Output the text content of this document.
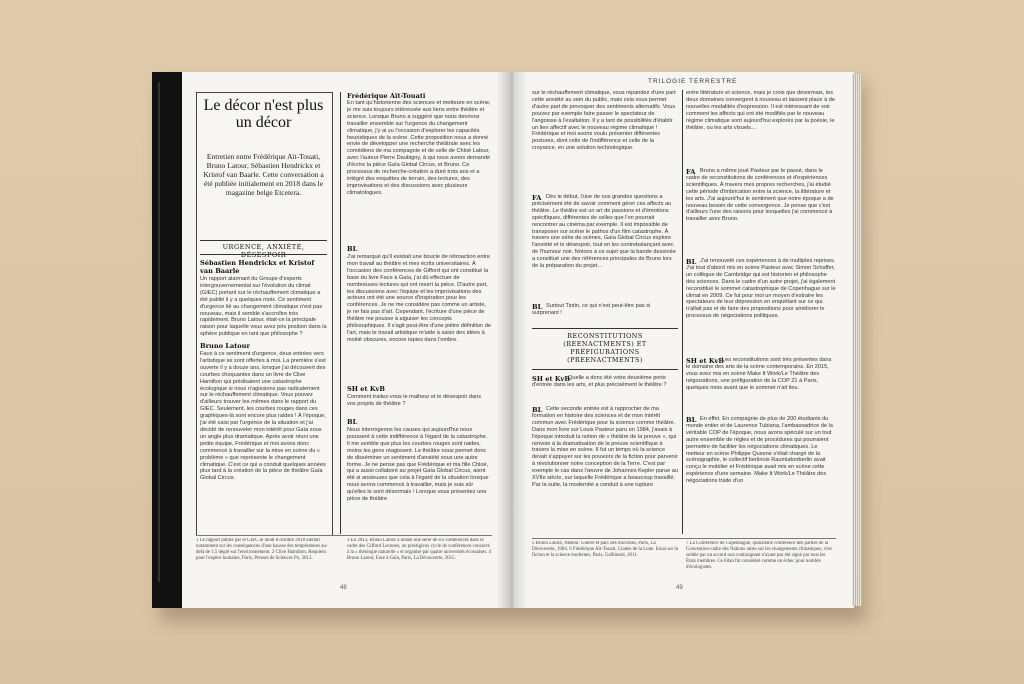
Le décor n'est plus un décor
Entretien entre Frédérique Aït-Touati, Bruno Latour, Sébastien Hendrickx et Kristof van Baarle. Cette conversation a été publiée initialement en 2018 dans le magazine belge Etcetera.
URGENCE, ANXIÉTÉ, DÉSESPOIR
Sébastien Hendrickx et Kristof van Baarle
Un rapport alarmant du Groupe d'experts intergouvernemental sur l'évolution du climat (GIEC) portant sur le réchauffement climatique a été publié il y a quelques mois. Ce sentiment d'urgence lié au changement climatique n'est pas nouveau, mais il semble s'accroître très rapidement. Bruno Latour, était-ce la principale raison pour laquelle vous avez pris position dans la sphère publique en tant que philosophe ?
Bruno Latour
Face à ce sentiment d'urgence, deux entrées vers l'artistique se sont offertes à moi. La première s'est ouverte il y a douze ans, lorsque j'ai découvert des courbes choquantes dans un livre de Clive Hamilton qui prédisaient une catastrophe écologique si nous n'agissions pas radicalement sur le réchauffement climatique. Vous pouvez d'ailleurs trouver les mêmes dans le rapport du GIEC. Seulement, les courbes rouges dans ces graphiques-là sont encore plus raides ! À l'époque, j'ai été saisi par l'urgence de la situation et j'ai décidé de renouveler mon intérêt pour Gaïa sous un angle plus dramatique. Après avoir réuni une petite équipe, Frédérique et moi avons donc commencé à travailler sur la mise en scène du « problème » que représente le changement climatique. C'est ce qui a conduit quelques années plus tard à la création de la pièce de théâtre Gaïa Global Circus.
Frédérique Aït-Touati
En tant qu'historienne des sciences et metteure en scène, je me suis toujours intéressée aux liens entre théâtre et science. Lorsque Bruno a suggéré que nous devrions travailler ensemble sur l'urgence du changement climatique, j'y ai vu l'occasion d'explorer les capacités heuristiques de la scène. Cette proposition nous a donné envie de développer une recherche théâtrale avec les comédiens de ma compagnie et de celle de Chloé Latour, avec l'auteur Pierre Daubigny, à qui nous avons demandé d'écrire la pièce Gaïa Global Circus, et Bruno. Ce processus de recherche-création a duré trois ans et a intégré des enquêtes de terrain, des lectures, des improvisations et des discussions avec plusieurs climatologues.
BL
J'ai remarqué qu'il existait une boucle de rétroaction entre mon travail au théâtre et mes écrits universitaires. À l'occasion des conférences de Gifford qui ont constitué la base du livre Face à Gaïa, j'ai dû effectuer de nombreuses lectures qui ont nourri la pièce. D'autre part, les discussions avec l'équipe et les improvisations des acteurs ont été une source d'inspiration pour les conférences. Je ne me considère pas comme un artiste, je ne fais pas d'art. Cependant, l'écriture d'une pièce de théâtre me pousse à aiguiser les concepts philosophiques. Il s'agit peut-être d'une piètre définition de l'art, mais le travail artistique m'aide à saisir des idées à moitié obscures, encore tapies dans l'ombre.
SH et KvB
Comment traitez-vous le malheur et le désespoir dans vos projets de théâtre ?
BL
Nous interrogeons les causes qui aujourd'hui nous poussent à cette indifférence à l'égard de la catastrophe. Il me semble que plus les courbes rouges sont raides, moins les gens réagissent. Le théâtre nous permet donc de disséminer un sentiment d'anxiété sous une autre forme. Je ne pense pas que Frédérique et ma fille Chloé, qui a aussi collaboré au projet Gaïa Global Circus, aient été si anxieuses que cela à l'égard de la situation lorsque nous avons commencé à travailler, mais je suis sûr qu'elles le sont désormais ! Lorsque vous présentez une pièce de théâtre
1 Le rapport publié par le GIEC le lundi 8 octobre 2018 alertait notamment sur les conséquences d'une hausse des températures au-delà de 1,5 degré sur l'environnement. 2 Clive Hamilton, Requiem pour l'espèce humaine, Paris, Presses de Sciences Po, 2013.
3 En 2013, Bruno Latour a donné une série de six conférences dans le cadre des Gifford Lectures, un prestigieux cycle de conférences consacré à la « théologie naturelle » et organisé par quatre universités écossaises. 4 Bruno Latour, Face à Gaïa, Paris, La Découverte, 2015.
48
TRILOGIE TERRESTRE
sur le réchauffement climatique, vous répandez d'une part cette anxiété au sein du public, mais cela vous permet d'autre part de provoquer des sentiments alternatifs. Vous pouvez par exemple faire passer le spectateur de l'angoisse à l'exaltation. Il y a tant de possibilités d'établir un lien affectif avec le nouveau régime climatique ! Frédérique et moi avons voulu présenter différentes postures, dont celle de l'indifférence et celle de la croyance, en une solution technologique.
FA Dès le début, l'une de nos grandes questions a précisément été de savoir comment gérer ces affects au théâtre. Le théâtre est un art de passions et d'émotions spécifiques, différentes de celles que l'on pourrait rencontrer au cinéma par exemple. Il est impossible de transposer sur scène le pathos d'un film catastrophe. À travers une série de scènes, Gaïa Global Circus explore l'anxiété et le désespoir, tout en les contrebalançant avec de l'humour noir. Notons à ce sujet que la bande dessinée a constitué une des références principales de Bruno lors de la préparation du projet…
BL Surtout Tintin, ce qui n'est peut-être pas si surprenant !
RECONSTITUTIONS (REENACTMENTS) ET PRÉFIGURATIONS (PREENACTMENTS)
SH et KvB
Quelle a donc été votre deuxième porte d'entrée dans les arts, et plus précisément le théâtre ?
BL Cette seconde entrée est à rapprocher de ma formation en histoire des sciences et de mon intérêt commun avec Frédérique pour la science comme théâtre. Dans mon livre sur Louis Pasteur paru en 1984, j'avais à l'époque introduit la notion de « théâtre de la preuve », qui renvoie à la dramatisation de la preuve scientifique à travers la mise en scène. Il fut un temps où la science devait s'appuyer sur les pouvoirs de la fiction pour parvenir à révolutionner notre conception de la Terre. C'est par exemple le cas dans l'œuvre de Johannes Kepler parue au XVIIe siècle, sur laquelle Frédérique a beaucoup travaillé. Par la suite, la modernité a conduit à une rupture
entre littérature et science, mais je crois que désormais, les deux domaines convergent à nouveau et laissent place à de nouvelles modalités d'expression. Il est intéressant de voir comment les affects qui ont été modifiés par le nouveau régime climatique sont aujourd'hui explorés par la poésie, le théâtre, ou les arts visuels…
FA Bruno a même joué Pasteur par le passé, dans le cadre de reconstitutions de conférences et d'expériences scientifiques. À travers mes propres recherches, j'ai étudié cette période d'imbrication entre la science, la littérature et les arts. J'ai aujourd'hui le sentiment que notre époque a de nouveau besoin de cette convergence. Je pense que c'est d'ailleurs l'une des raisons pour lesquelles j'ai commencé à travailler avec Bruno.
BL J'ai renouvelé ces expériences à de multiples reprises. J'ai tout d'abord mis en scène Pasteur avec Simon Schaffer, un collègue de Cambridge qui est historien et philosophe des sciences. Dans le cadre d'un autre projet, j'ai également reconstitué le sommet catastrophique de Copenhague sur le climat en 2009. Ce fut pour moi un moyen d'extraire les spectateurs de leur dépression en enquêtant sur ce qui n'allait pas et de faire des propositions pour améliorer le processus de négociations politiques.
SH et KvB
Les reconstitutions sont très présentes dans le domaine des arts de la scène contemporains. En 2015, vous avez mis en scène Make It Work/Le Théâtre des négociations, une préfiguration de la COP 21 à Paris, quelques mois avant que le sommet n'ait lieu.
BL En effet. En compagnie de plus de 200 étudiants du monde entier et de Laurence Tubiana, l'ambassadrice de la véritable COP de l'époque, nous avons spéculé sur un tout autre ensemble de règles et de procédures qui pourraient permettre de faciliter les négociations climatiques. Le metteur en scène Philippe Quesne s'était chargé de la scénographie, le collectif berlinois Raumlaborberlin avait conçu le mobilier et Frédérique avait mis en scène cette expérience d'une semaine. Make It Work/Le Théâtre des négociations traite d'un
5 Bruno Latour, Pasteur. Guerre et paix des microbes, Paris, La Découverte, 1984. 6 Frédérique Aït-Touati, Contes de la Lune. Essai sur la fiction et la science modernes, Paris, Gallimard, 2011.
7 La Conférence de Copenhague, quinzième conférence des parties de la Convention-cadre des Nations unies sur les changements climatiques, s'est soldée par un accord non contraignant n'ayant pas été signé par tous les États membres. Ce bilan fut considéré comme un échec pour nombre d'écologistes.
49
